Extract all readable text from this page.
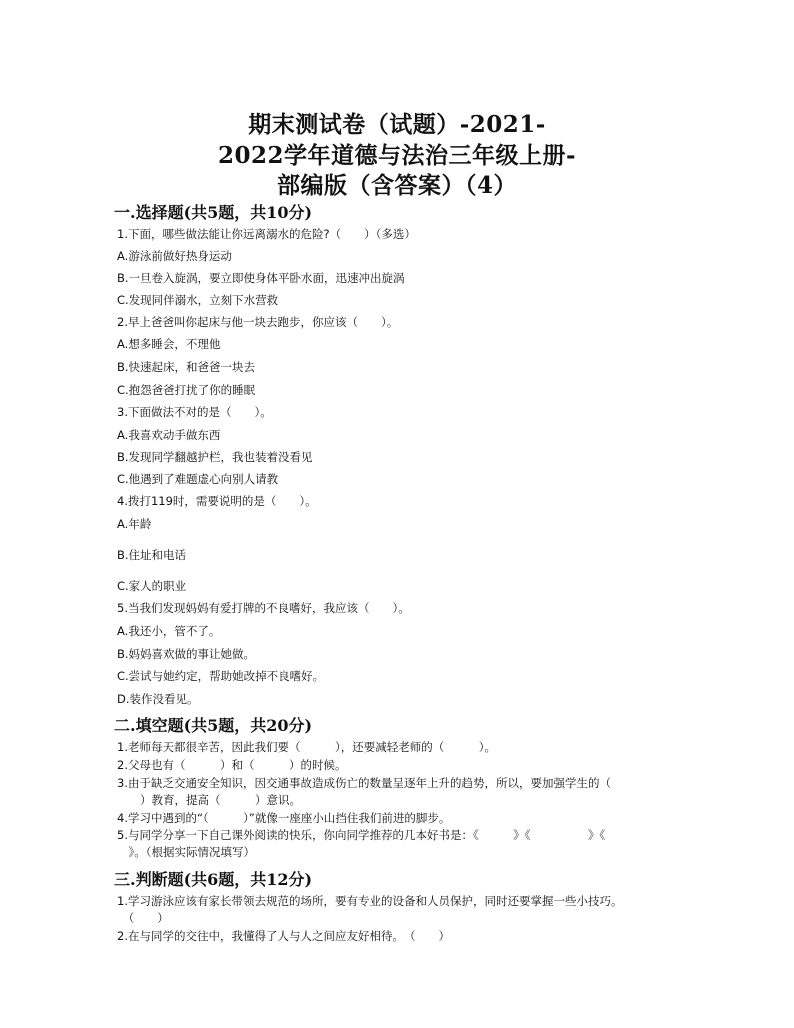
期末测试卷（试题）-2021-
2022学年道德与法治三年级上册-
部编版（含答案）（4）
一.选择题(共5题，共10分)
1.下面，哪些做法能让你远离溺水的危险?（　　）（多选）
A.游泳前做好热身运动
B.一旦卷入旋涡，要立即使身体平卧水面，迅速冲出旋涡
C.发现同伴溺水，立刻下水营救
2.早上爸爸叫你起床与他一块去跑步，你应该（　　）。
A.想多睡会，不理他
B.快速起床，和爸爸一块去
C.抱怨爸爸打扰了你的睡眠
3.下面做法不对的是（　　）。
A.我喜欢动手做东西
B.发现同学翻越护栏，我也装着没看见
C.他遇到了难题虚心向别人请教
4.拨打119时，需要说明的是（　　）。
A.年龄
B.住址和电话
C.家人的职业
5.当我们发现妈妈有爱打牌的不良嗜好，我应该（　　）。
A.我还小，管不了。
B.妈妈喜欢做的事让她做。
C.尝试与她约定，帮助她改掉不良嗜好。
D.装作没看见。
二.填空题(共5题，共20分)
1.老师每天都很辛苦，因此我们要（　　　），还要减轻老师的（　　　）。
2.父母也有（　　　）和（　　　）的时候。
3.由于缺乏交通安全知识，因交通事故造成伤亡的数量呈逐年上升的趋势，所以，要加强学生的（
　　）教育，提高（　　　）意识。
4.学习中遇到的“（　　　）”就像一座座小山挡住我们前进的脚步。
5.与同学分享一下自己课外阅读的快乐，你向同学推荐的几本好书是：《　　　》《　　　　　》《
　》。（根据实际情况填写）
三.判断题(共6题，共12分)
1.学习游泳应该有家长带领去规范的场所，要有专业的设备和人员保护，同时还要掌握一些小技巧。
　（　　）
2.在与同学的交往中，我懂得了人与人之间应友好相待。　（　　）
